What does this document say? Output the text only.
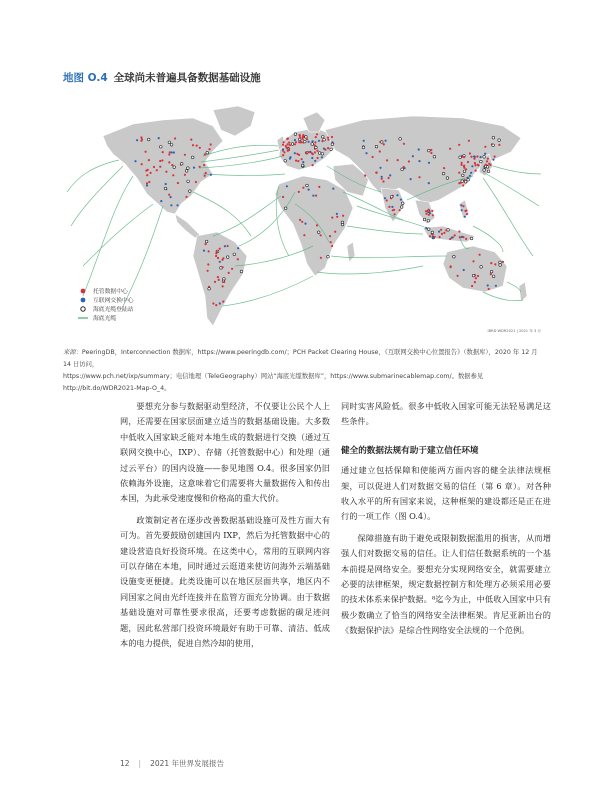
地图 O.4 全球尚未普遍具备数据基础设施
托管数据中心
互联网交换中心
海底光缆登陆站
海底光缆
IBRD WDR2021 | 2021 年 3 月
来源：PeeringDB，Interconnection 数据库，https://www.peeringdb.com/；PCH Packet Clearing House，《互联网交换中心位置报告》（数据库），2020 年 12 月 14 日访问，
https://www.pch.net/ixp/summary；电信地理（TeleGeography）网站“海底光缆数据库”，https://www.submarinecablemap.com/。数据参见 http://bit.do/WDR2021-Map-O_4。

要想充分参与数据驱动型经济，不仅要让公民个人上网，还需要在国家层面建立适当的数据基础设施。大多数中低收入国家缺乏能对本地生成的数据进行交换（通过互联网交换中心，IXP）、存储（托管数据中心）和处理（通过云平台）的国内设施——参见地图 O.4。很多国家仍旧依赖海外设施，这意味着它们需要将大量数据传入和传出本国，为此承受速度慢和价格高的重大代价。

政策制定者在逐步改善数据基础设施可及性方面大有可为。首先要鼓励创建国内 IXP，然后为托管数据中心的建设营造良好投资环境。在这类中心，常用的互联网内容可以存储在本地，同时通过云逛道来使访问海外云端基础设施变更便捷。此类设施可以在地区层面共享，地区内不同国家之间由光纤连接并在监管方面充分协调。由于数据基础设施对可靠性要求很高，还要考虑数据的碳足迹问题，因此私营部门投资环境最好有助于可靠、清洁、低成本的电力提供，促进自然冷却的使用，

同时实害风险低。很多中低收入国家可能无法轻易满足这些条件。

健全的数据法规有助于建立信任环境

通过建立包括保障和使能两方面内容的健全法律法规框架，可以促进人们对数据交易的信任（第 6 章）。对各种收入水平的所有国家来说，这种框架的建设都还是正在进行的一项工作（图 O.4）。

保障措施有助于避免或限制数据滥用的损害，从而增强人们对数据交易的信任。让人们信任数据系统的一个基本前提是网络安全。要想充分实现网络安全，就需要建立必要的法律框架，规定数据控制方和处理方必须采用必要的技术体系来保护数据。⁸迄今为止，中低收入国家中只有极少数确立了恰当的网络安全法律框架。肯尼亚新出台的《数据保护法》是综合性网络安全法规的一个范例。

12 | 2021 年世界发展报告
